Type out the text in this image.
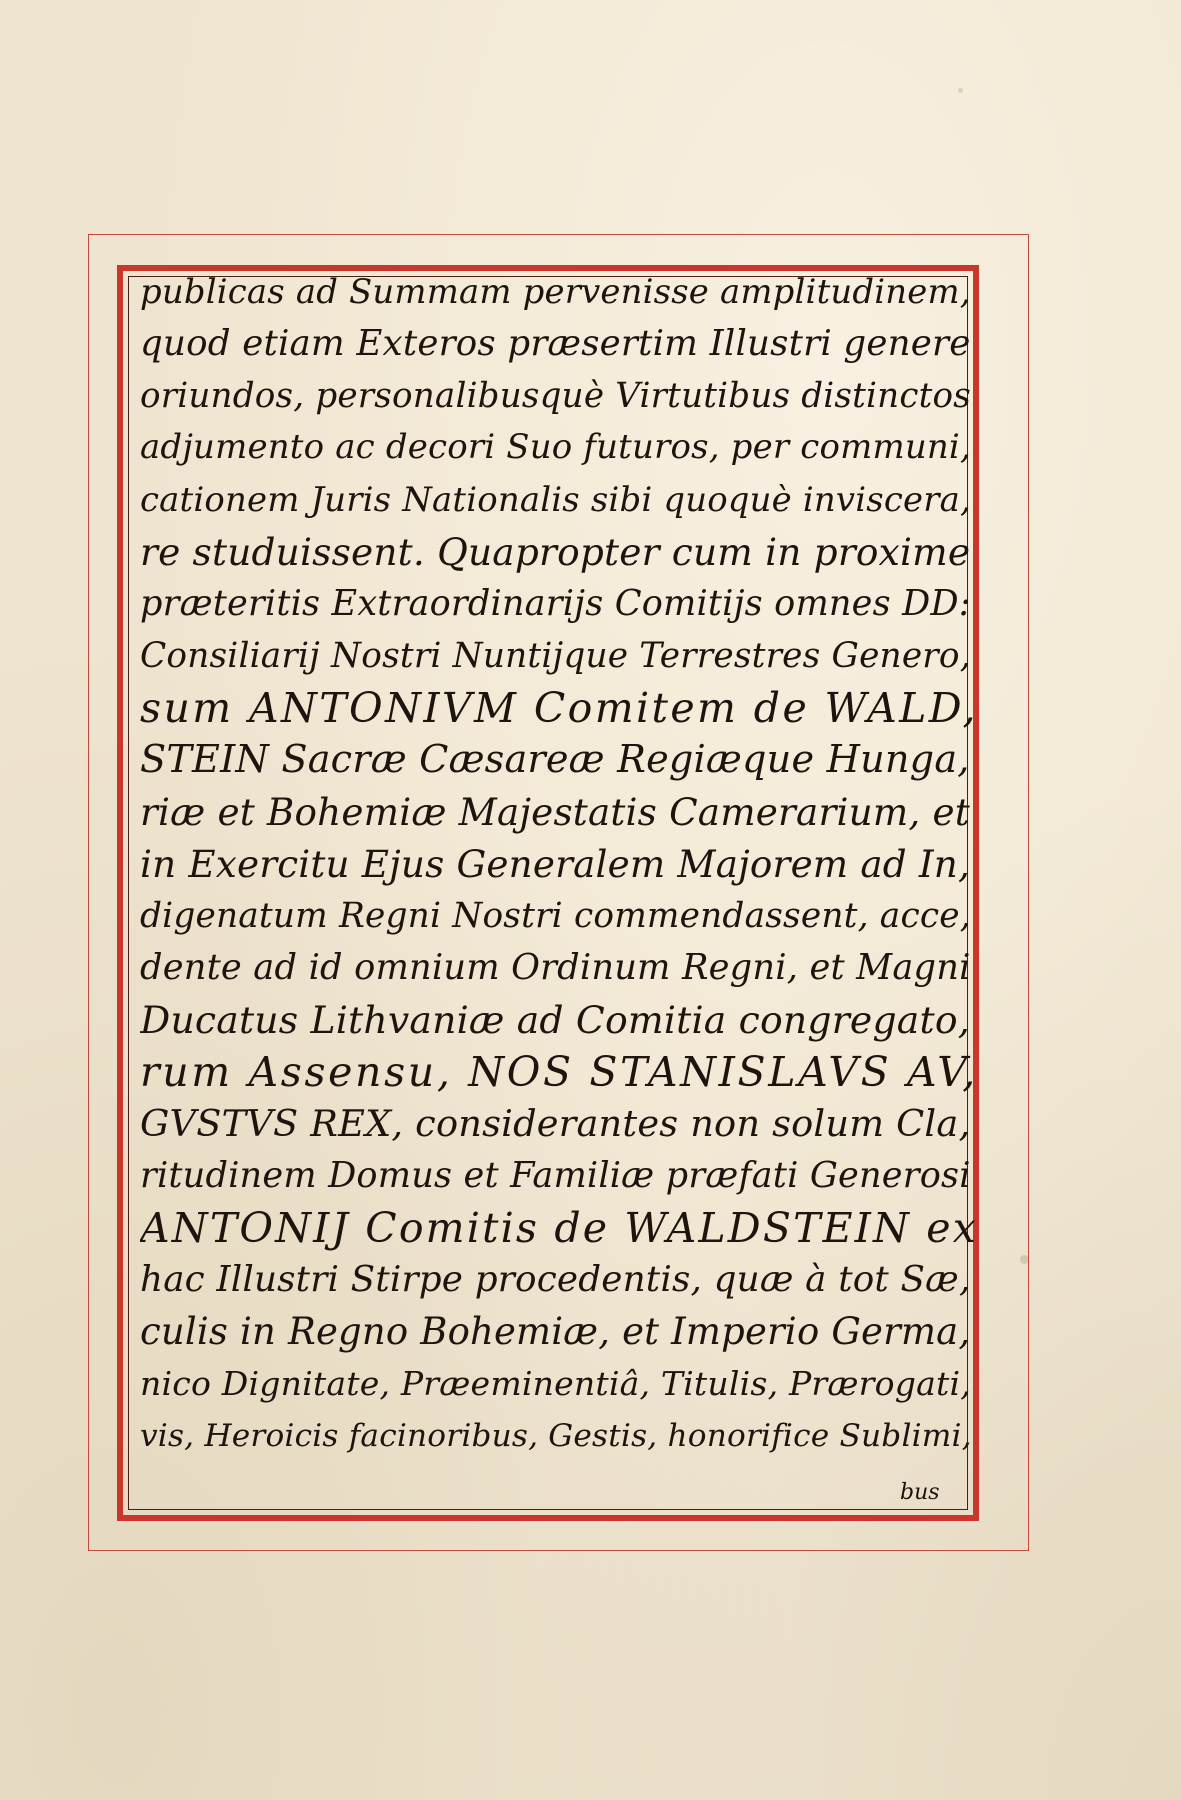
publicas ad Summam pervenisse amplitudinem,
quod etiam Exteros præsertim Illustri genere
oriundos, personalibusquè Virtutibus distinctos
adjumento ac decori Suo futuros, per communi,
cationem Juris Nationalis sibi quoquè inviscera,
re studuissent. Quapropter cum in proxime
præteritis Extraordinarijs Comitijs omnes DD:
Consiliarij Nostri Nuntijque Terrestres Genero,
sum ANTONIVM Comitem de WALD,
STEIN Sacræ Cæsareæ Regiæque Hunga,
riæ et Bohemiæ Majestatis Camerarium, et
in Exercitu Ejus Generalem Majorem ad In,
digenatum Regni Nostri commendassent, acce,
dente ad id omnium Ordinum Regni, et Magni
Ducatus Lithvaniæ ad Comitia congregato,
rum Assensu, NOS STANISLAVS AV,
GVSTVS REX, considerantes non solum Cla,
ritudinem Domus et Familiæ præfati Generosi
ANTONIJ Comitis de WALDSTEIN ex
hac Illustri Stirpe procedentis, quæ à tot Sæ,
culis in Regno Bohemiæ, et Imperio Germa,
nico Dignitate, Præeminentiâ, Titulis, Prærogati,
vis, Heroicis facinoribus, Gestis, honorifice Sublimi,
bus
